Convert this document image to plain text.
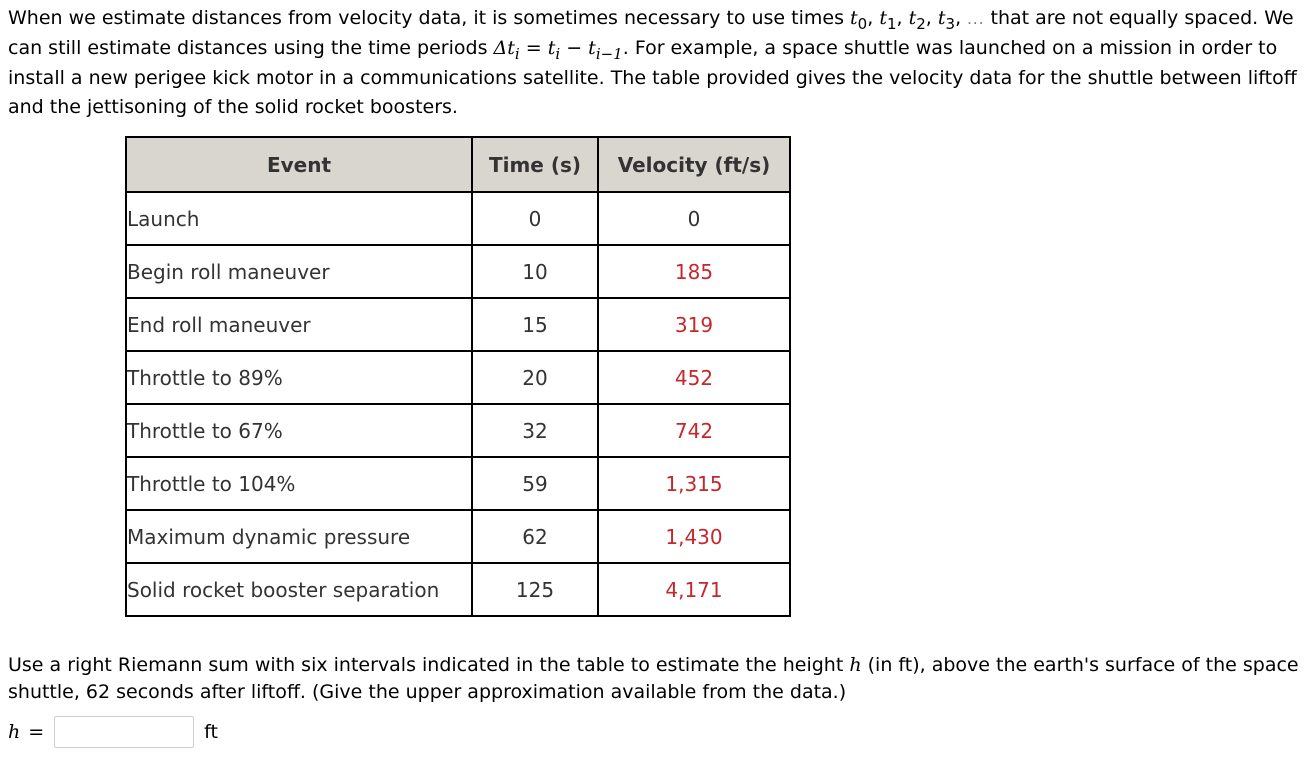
When we estimate distances from velocity data, it is sometimes necessary to use times $t_0$, $t_1$, $t_2$, $t_3$, ... that are not equally spaced. We can still estimate distances using the time periods $\Delta t_i = t_i - t_{i-1}$. For example, a space shuttle was launched on a mission in order to install a new perigee kick motor in a communications satellite. The table provided gives the velocity data for the shuttle between liftoff and the jettisoning of the solid rocket boosters.

Event	Time (s)	Velocity (ft/s)
Launch	0	0
Begin roll maneuver	10	185
End roll maneuver	15	319
Throttle to 89%	20	452
Throttle to 67%	32	742
Throttle to 104%	59	1,315
Maximum dynamic pressure	62	1,430
Solid rocket booster separation	125	4,171

Use a right Riemann sum with six intervals indicated in the table to estimate the height h (in ft), above the earth's surface of the space shuttle, 62 seconds after liftoff. (Give the upper approximation available from the data.)

h =	ft
